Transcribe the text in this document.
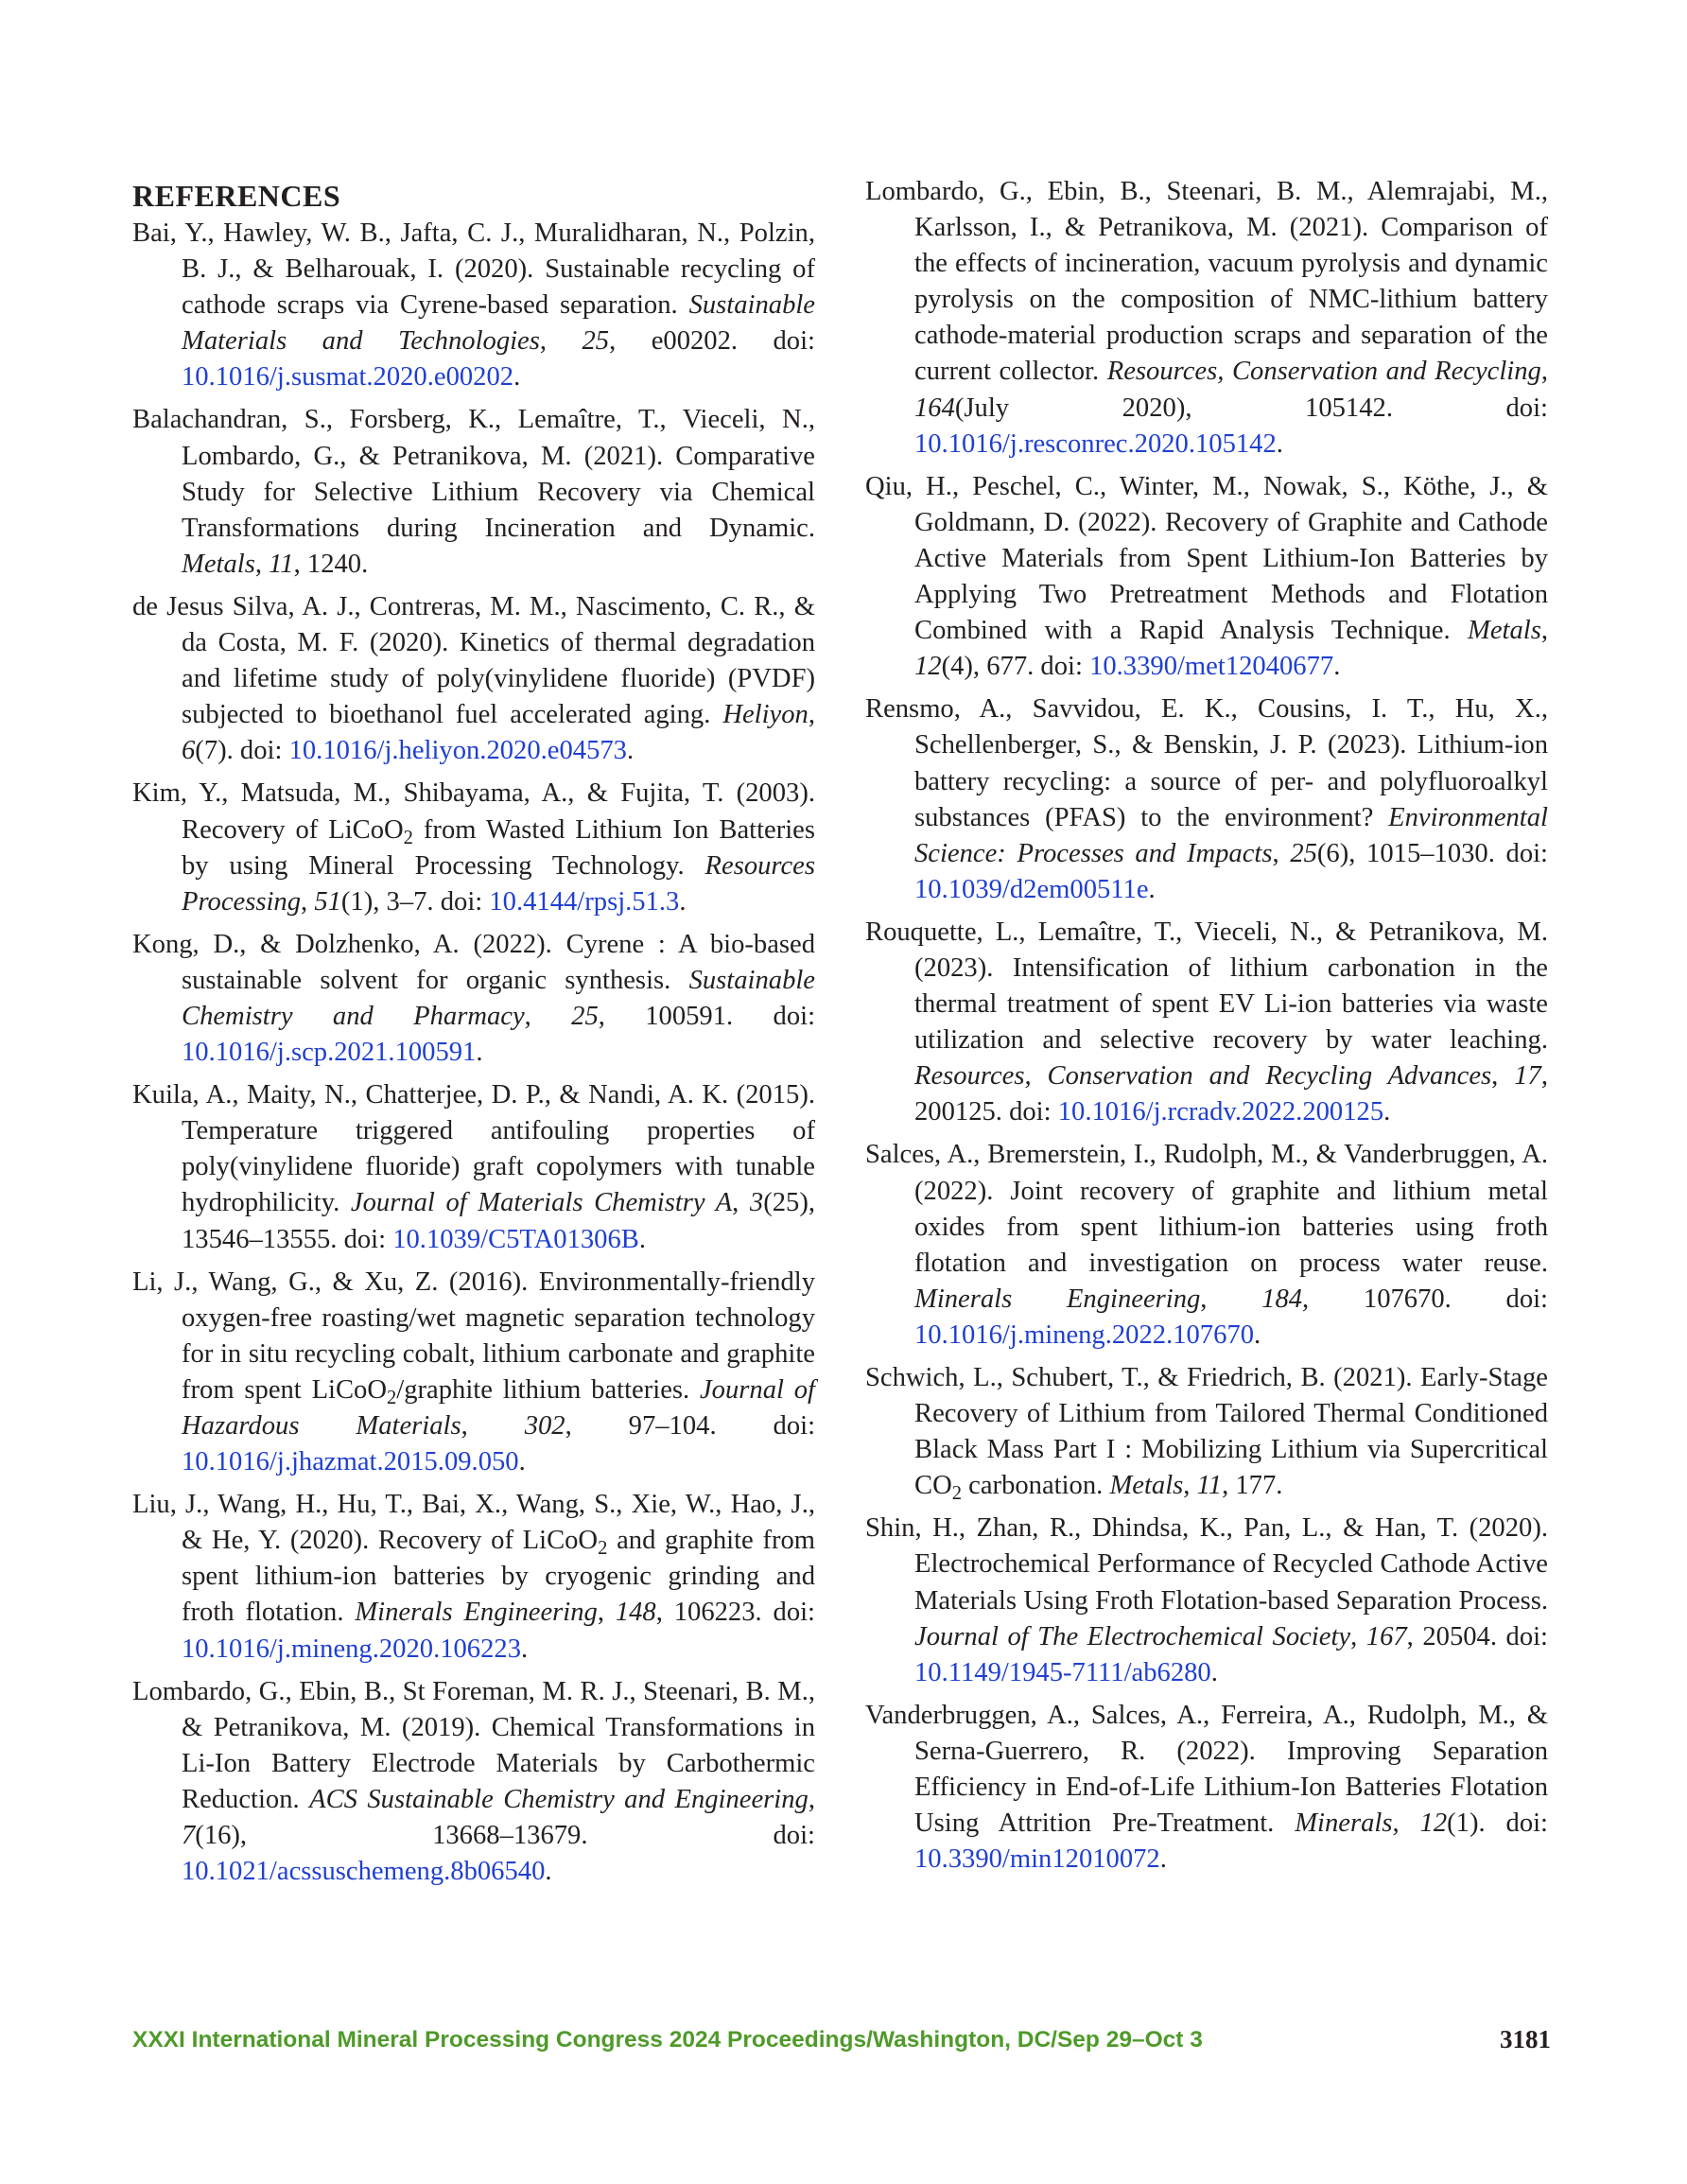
REFERENCES

Bai, Y., Hawley, W. B., Jafta, C. J., Muralidharan, N., Polzin, B. J., & Belharouak, I. (2020). Sustainable recycling of cathode scraps via Cyrene-based separation. Sustainable Materials and Technologies, 25, e00202. doi: 10.1016/j.susmat.2020.e00202.

Balachandran, S., Forsberg, K., Lemaître, T., Vieceli, N., Lombardo, G., & Petranikova, M. (2021). Comparative Study for Selective Lithium Recovery via Chemical Transformations during Incineration and Dynamic. Metals, 11, 1240.

de Jesus Silva, A. J., Contreras, M. M., Nascimento, C. R., & da Costa, M. F. (2020). Kinetics of thermal degradation and lifetime study of poly(vinylidene fluoride) (PVDF) subjected to bioethanol fuel accelerated aging. Heliyon, 6(7). doi: 10.1016/j.heliyon.2020.e04573.

Kim, Y., Matsuda, M., Shibayama, A., & Fujita, T. (2003). Recovery of LiCoO$_2$ from Wasted Lithium Ion Batteries by using Mineral Processing Technology. Resources Processing, 51(1), 3–7. doi: 10.4144/rpsj.51.3.

Kong, D., & Dolzhenko, A. (2022). Cyrene : A bio-based sustainable solvent for organic synthesis. Sustainable Chemistry and Pharmacy, 25, 100591. doi: 10.1016/j.scp.2021.100591.

Kuila, A., Maity, N., Chatterjee, D. P., & Nandi, A. K. (2015). Temperature triggered antifouling properties of poly(vinylidene fluoride) graft copolymers with tunable hydrophilicity. Journal of Materials Chemistry A, 3(25), 13546–13555. doi: 10.1039/C5TA01306B.

Li, J., Wang, G., & Xu, Z. (2016). Environmentally-friendly oxygen-free roasting/wet magnetic separation technology for in situ recycling cobalt, lithium carbonate and graphite from spent LiCoO$_2$/graphite lithium batteries. Journal of Hazardous Materials, 302, 97–104. doi: 10.1016/j.jhazmat.2015.09.050.

Liu, J., Wang, H., Hu, T., Bai, X., Wang, S., Xie, W., Hao, J., & He, Y. (2020). Recovery of LiCoO$_2$ and graphite from spent lithium-ion batteries by cryogenic grinding and froth flotation. Minerals Engineering, 148, 106223. doi: 10.1016/j.mineng.2020.106223.

Lombardo, G., Ebin, B., St Foreman, M. R. J., Steenari, B. M., & Petranikova, M. (2019). Chemical Transformations in Li-Ion Battery Electrode Materials by Carbothermic Reduction. ACS Sustainable Chemistry and Engineering, 7(16), 13668–13679. doi: 10.1021/acssuschemeng.8b06540.

Lombardo, G., Ebin, B., Steenari, B. M., Alemrajabi, M., Karlsson, I., & Petranikova, M. (2021). Comparison of the effects of incineration, vacuum pyrolysis and dynamic pyrolysis on the composition of NMC-lithium battery cathode-material production scraps and separation of the current collector. Resources, Conservation and Recycling, 164(July 2020), 105142. doi: 10.1016/j.resconrec.2020.105142.

Qiu, H., Peschel, C., Winter, M., Nowak, S., Köthe, J., & Goldmann, D. (2022). Recovery of Graphite and Cathode Active Materials from Spent Lithium-Ion Batteries by Applying Two Pretreatment Methods and Flotation Combined with a Rapid Analysis Technique. Metals, 12(4), 677. doi: 10.3390/met12040677.

Rensmo, A., Savvidou, E. K., Cousins, I. T., Hu, X., Schellenberger, S., & Benskin, J. P. (2023). Lithium-ion battery recycling: a source of per- and polyfluoroalkyl substances (PFAS) to the environment? Environmental Science: Processes and Impacts, 25(6), 1015–1030. doi: 10.1039/d2em00511e.

Rouquette, L., Lemaître, T., Vieceli, N., & Petranikova, M. (2023). Intensification of lithium carbonation in the thermal treatment of spent EV Li-ion batteries via waste utilization and selective recovery by water leaching. Resources, Conservation and Recycling Advances, 17, 200125. doi: 10.1016/j.rcradv.2022.200125.

Salces, A., Bremerstein, I., Rudolph, M., & Vanderbruggen, A. (2022). Joint recovery of graphite and lithium metal oxides from spent lithium-ion batteries using froth flotation and investigation on process water reuse. Minerals Engineering, 184, 107670. doi: 10.1016/j.mineng.2022.107670.

Schwich, L., Schubert, T., & Friedrich, B. (2021). Early-Stage Recovery of Lithium from Tailored Thermal Conditioned Black Mass Part I : Mobilizing Lithium via Supercritical $CO_2$ carbonation. Metals, 11, 177.

Shin, H., Zhan, R., Dhindsa, K., Pan, L., & Han, T. (2020). Electrochemical Performance of Recycled Cathode Active Materials Using Froth Flotation-based Separation Process. Journal of The Electrochemical Society, 167, 20504. doi: 10.1149/1945-7111/ab6280.

Vanderbruggen, A., Salces, A., Ferreira, A., Rudolph, M., & Serna-Guerrero, R. (2022). Improving Separation Efficiency in End-of-Life Lithium-Ion Batteries Flotation Using Attrition Pre-Treatment. Minerals, 12(1). doi: 10.3390/min12010072.

XXXI International Mineral Processing Congress 2024 Proceedings/Washington, DC/Sep 29–Oct 3	3181
